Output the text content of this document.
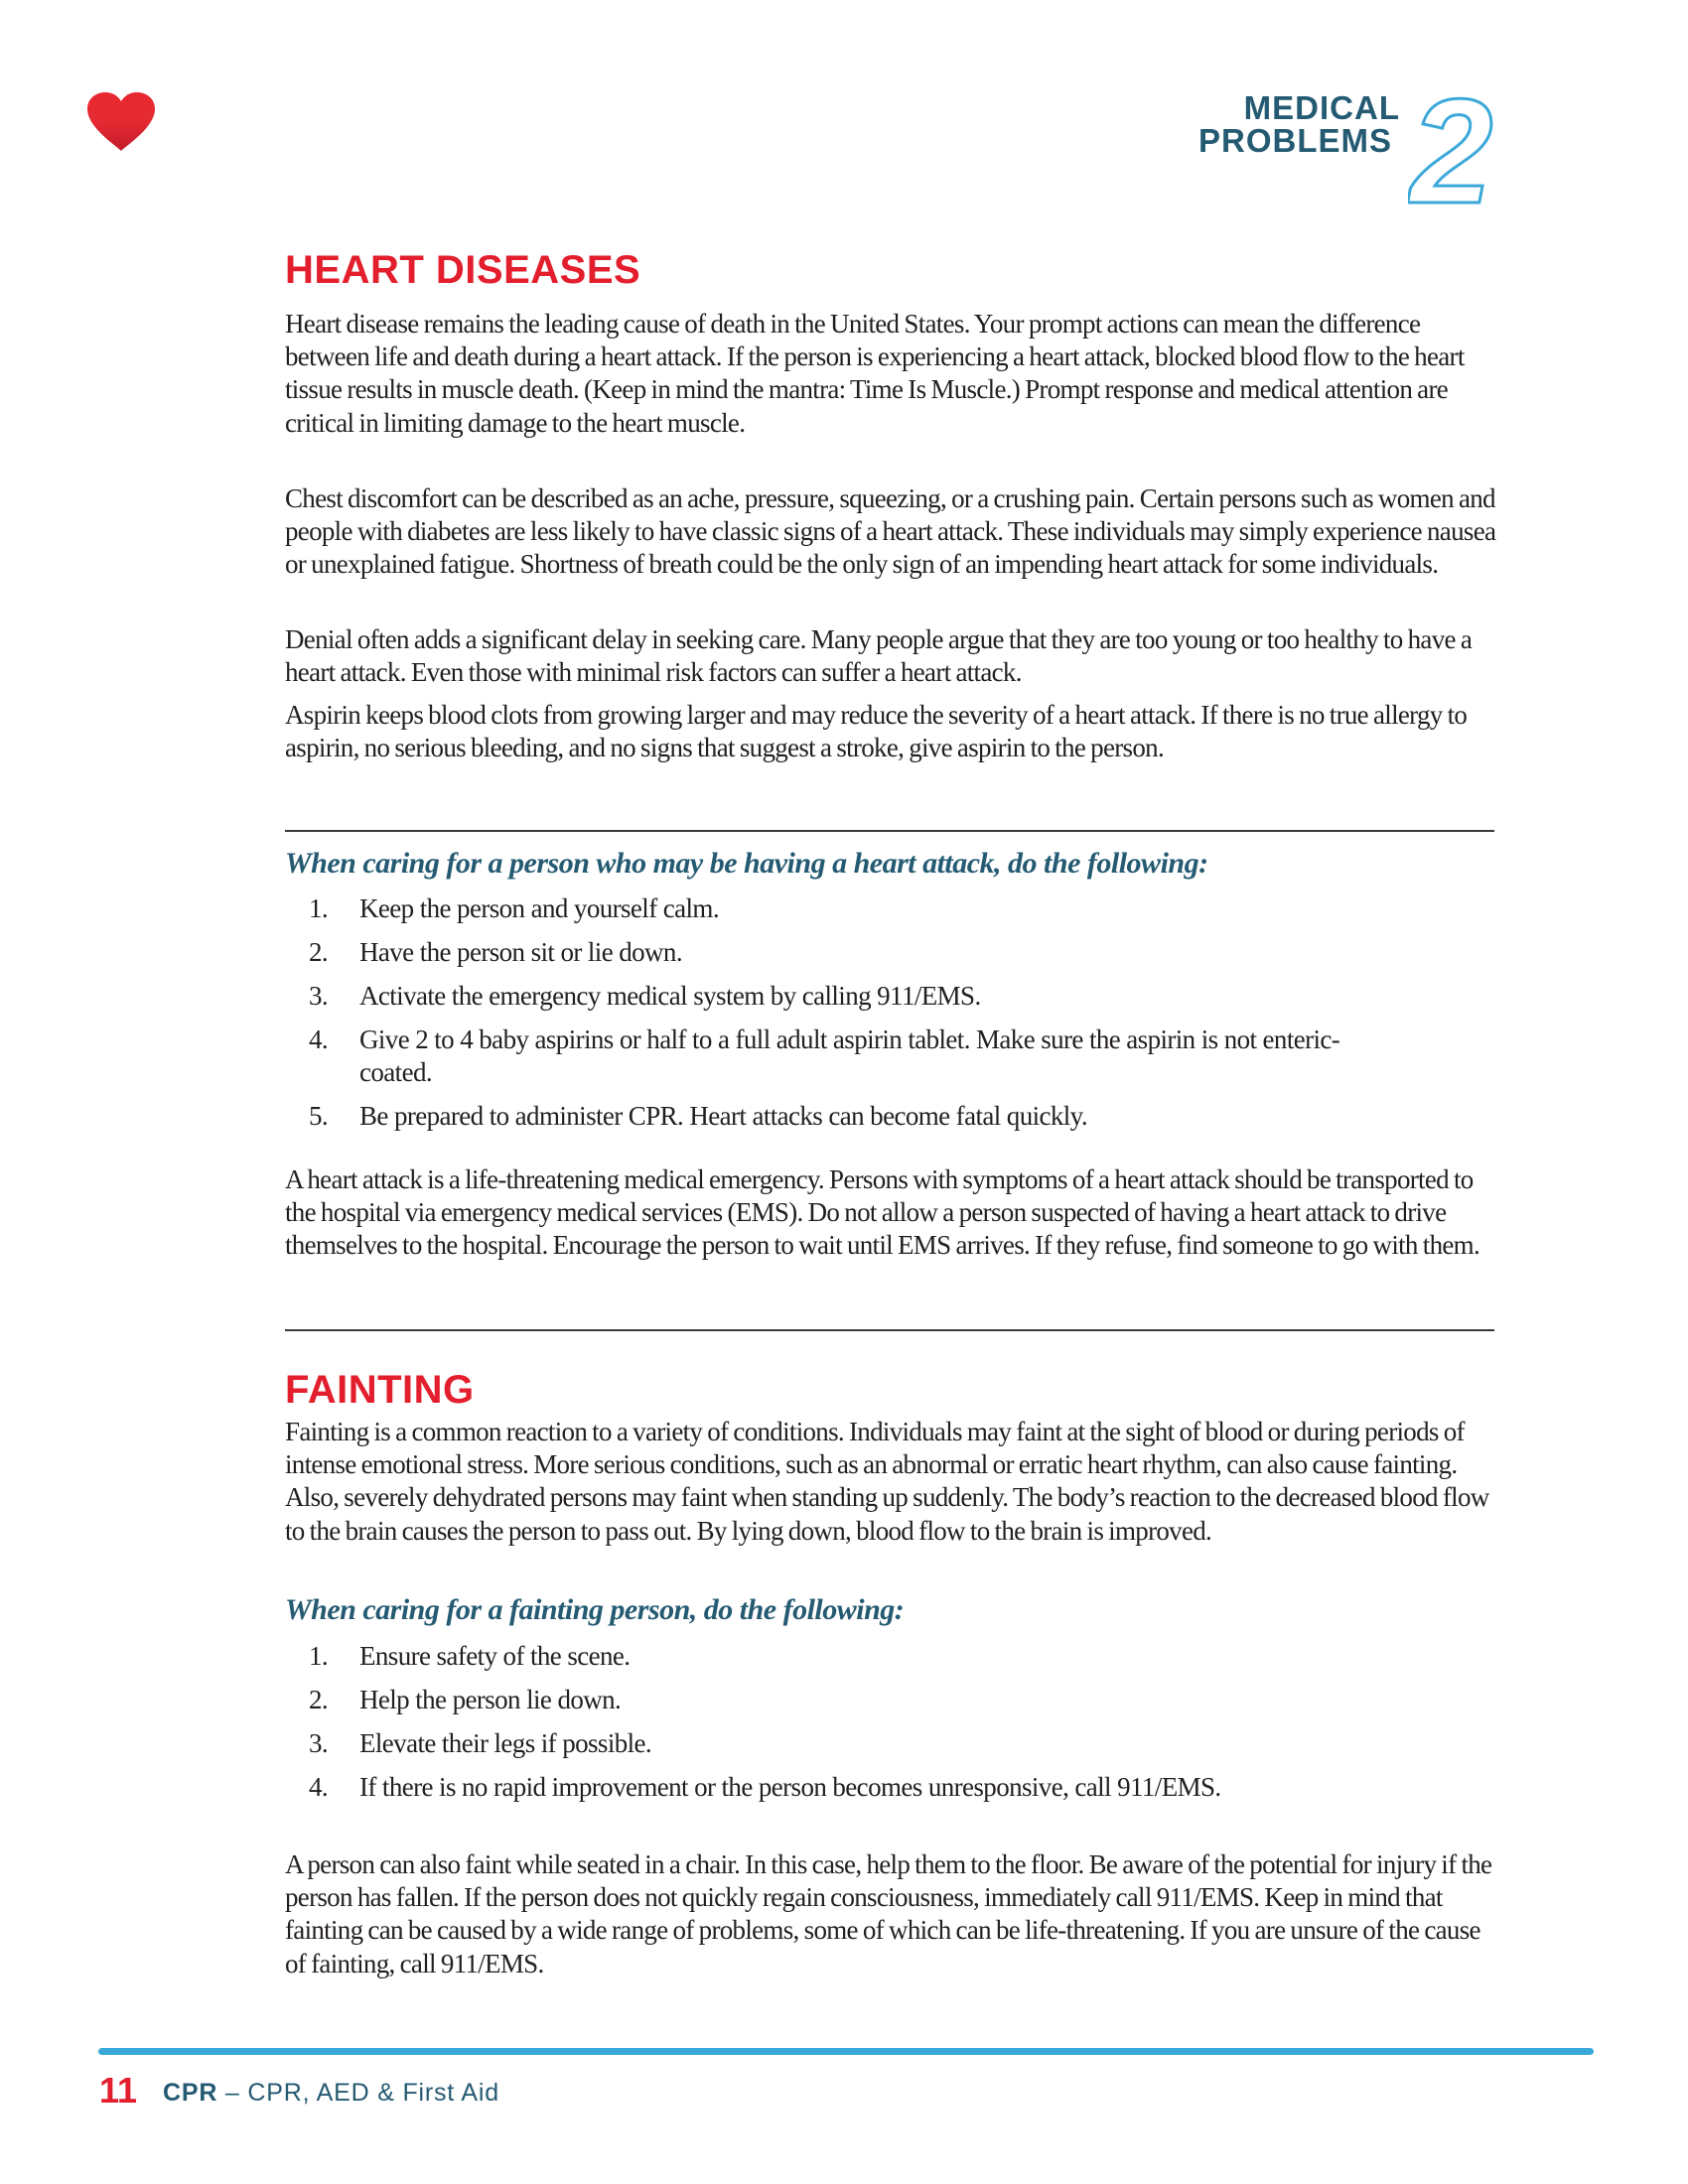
MEDICAL
PROBLEMS 2
HEART DISEASES

Heart disease remains the leading cause of death in the United States. Your prompt actions can mean the difference between life and death during a heart attack. If the person is experiencing a heart attack, blocked blood flow to the heart tissue results in muscle death. (Keep in mind the mantra: Time Is Muscle.) Prompt response and medical attention are critical in limiting damage to the heart muscle.

Chest discomfort can be described as an ache, pressure, squeezing, or a crushing pain. Certain persons such as women and people with diabetes are less likely to have classic signs of a heart attack. These individuals may simply experience nausea or unexplained fatigue. Shortness of breath could be the only sign of an impending heart attack for some individuals.

Denial often adds a significant delay in seeking care. Many people argue that they are too young or too healthy to have a heart attack. Even those with minimal risk factors can suffer a heart attack.

Aspirin keeps blood clots from growing larger and may reduce the severity of a heart attack. If there is no true allergy to aspirin, no serious bleeding, and no signs that suggest a stroke, give aspirin to the person.

When caring for a person who may be having a heart attack, do the following:
1. Keep the person and yourself calm.
2. Have the person sit or lie down.
3. Activate the emergency medical system by calling 911/EMS.
4. Give 2 to 4 baby aspirins or half to a full adult aspirin tablet. Make sure the aspirin is not enteric-coated.
5. Be prepared to administer CPR. Heart attacks can become fatal quickly.

A heart attack is a life-threatening medical emergency. Persons with symptoms of a heart attack should be transported to the hospital via emergency medical services (EMS). Do not allow a person suspected of having a heart attack to drive themselves to the hospital. Encourage the person to wait until EMS arrives. If they refuse, find someone to go with them.

FAINTING

Fainting is a common reaction to a variety of conditions. Individuals may faint at the sight of blood or during periods of intense emotional stress. More serious conditions, such as an abnormal or erratic heart rhythm, can also cause fainting. Also, severely dehydrated persons may faint when standing up suddenly. The body’s reaction to the decreased blood flow to the brain causes the person to pass out. By lying down, blood flow to the brain is improved.

When caring for a fainting person, do the following:
1. Ensure safety of the scene.
2. Help the person lie down.
3. Elevate their legs if possible.
4. If there is no rapid improvement or the person becomes unresponsive, call 911/EMS.

A person can also faint while seated in a chair. In this case, help them to the floor. Be aware of the potential for injury if the person has fallen. If the person does not quickly regain consciousness, immediately call 911/EMS. Keep in mind that fainting can be caused by a wide range of problems, some of which can be life-threatening. If you are unsure of the cause of fainting, call 911/EMS.

11 CPR – CPR, AED & First Aid
